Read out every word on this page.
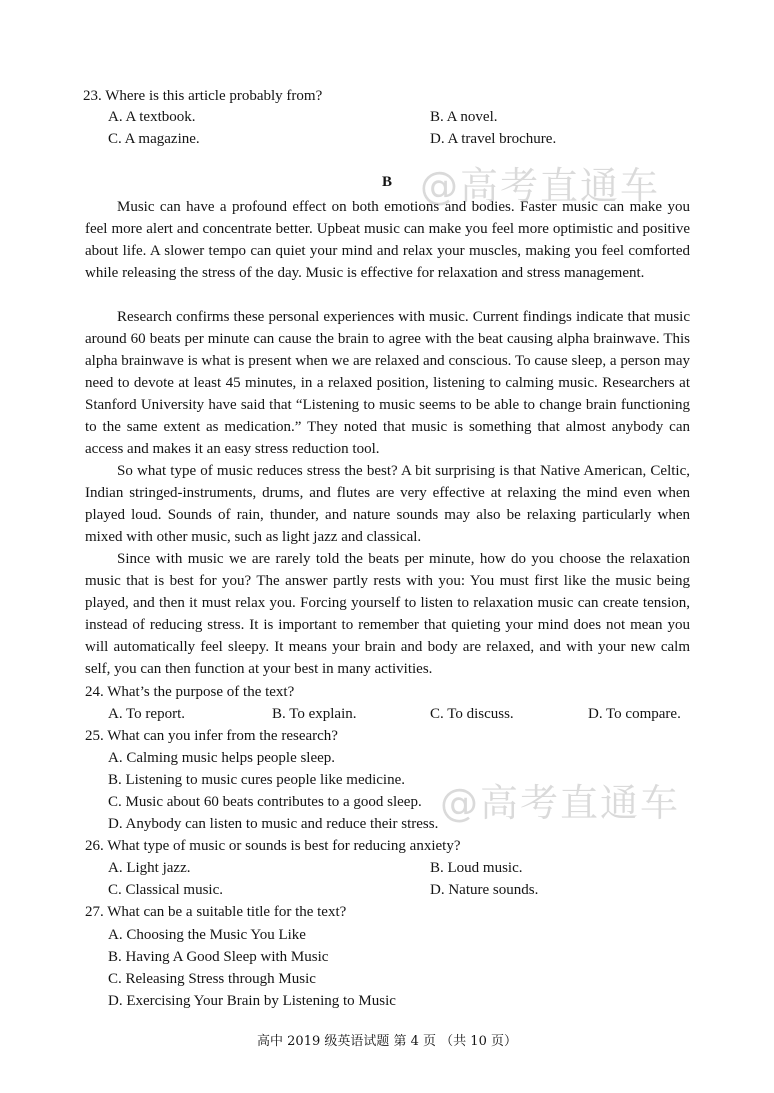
23. Where is this article probably from?
A. A textbook.	B. A novel.
C. A magazine.	D. A travel brochure.
B
Music can have a profound effect on both emotions and bodies. Faster music can make you feel more alert and concentrate better. Upbeat music can make you feel more optimistic and positive about life. A slower tempo can quiet your mind and relax your muscles, making you feel comforted while releasing the stress of the day. Music is effective for relaxation and stress management.
Research confirms these personal experiences with music. Current findings indicate that music around 60 beats per minute can cause the brain to agree with the beat causing alpha brainwave. This alpha brainwave is what is present when we are relaxed and conscious. To cause sleep, a person may need to devote at least 45 minutes, in a relaxed position, listening to calming music. Researchers at Stanford University have said that “Listening to music seems to be able to change brain functioning to the same extent as medication.” They noted that music is something that almost anybody can access and makes it an easy stress reduction tool.
So what type of music reduces stress the best? A bit surprising is that Native American, Celtic, Indian stringed-instruments, drums, and flutes are very effective at relaxing the mind even when played loud. Sounds of rain, thunder, and nature sounds may also be relaxing particularly when mixed with other music, such as light jazz and classical.
Since with music we are rarely told the beats per minute, how do you choose the relaxation music that is best for you? The answer partly rests with you: You must first like the music being played, and then it must relax you. Forcing yourself to listen to relaxation music can create tension, instead of reducing stress. It is important to remember that quieting your mind does not mean you will automatically feel sleepy. It means your brain and body are relaxed, and with your new calm self, you can then function at your best in many activities.
24. What’s the purpose of the text?
A. To report.	B. To explain.	C. To discuss.	D. To compare.
25. What can you infer from the research?
A. Calming music helps people sleep.
B. Listening to music cures people like medicine.
C. Music about 60 beats contributes to a good sleep.
D. Anybody can listen to music and reduce their stress.
26. What type of music or sounds is best for reducing anxiety?
A. Light jazz.	B. Loud music.
C. Classical music.	D. Nature sounds.
27. What can be a suitable title for the text?
A. Choosing the Music You Like
B. Having A Good Sleep with Music
C. Releasing Stress through Music
D. Exercising Your Brain by Listening to Music
高中 2019 级英语试题 第 4 页 （共 10 页）
@高考直通车
@高考直通车
